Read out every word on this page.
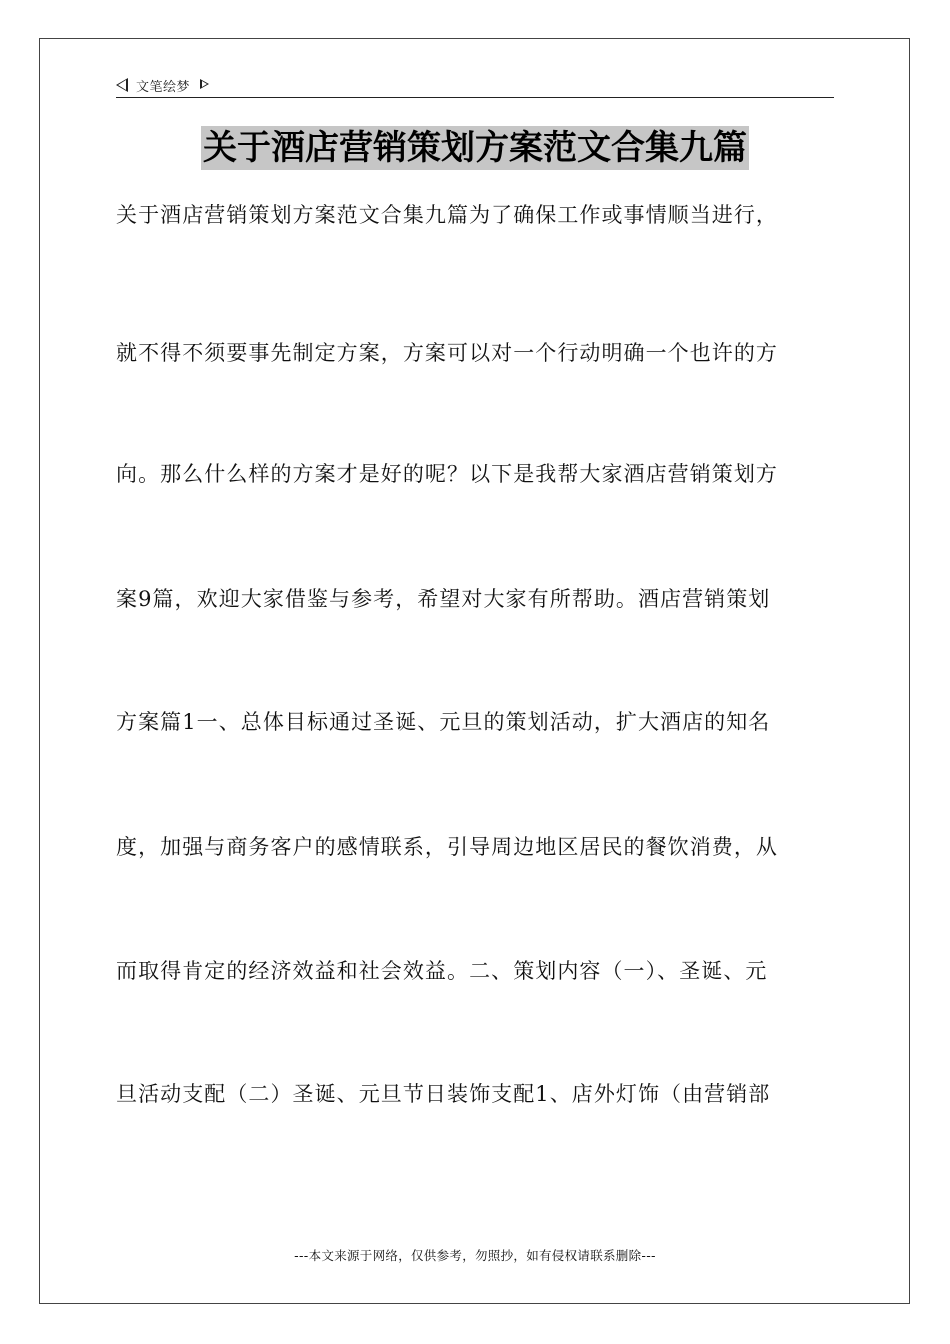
文笔绘梦
关于酒店营销策划方案范文合集九篇
关于酒店营销策划方案范文合集九篇为了确保工作或事情顺当进行，
就不得不须要事先制定方案，方案可以对一个行动明确一个也许的方
向。那么什么样的方案才是好的呢？以下是我帮大家酒店营销策划方
案9篇，欢迎大家借鉴与参考，希望对大家有所帮助。酒店营销策划
方案篇1一、总体目标通过圣诞、元旦的策划活动，扩大酒店的知名
度，加强与商务客户的感情联系，引导周边地区居民的餐饮消费，从
而取得肯定的经济效益和社会效益。二、策划内容（一）、圣诞、元
旦活动支配（二）圣诞、元旦节日装饰支配1、店外灯饰（由营销部
---本文来源于网络，仅供参考，勿照抄，如有侵权请联系删除---
